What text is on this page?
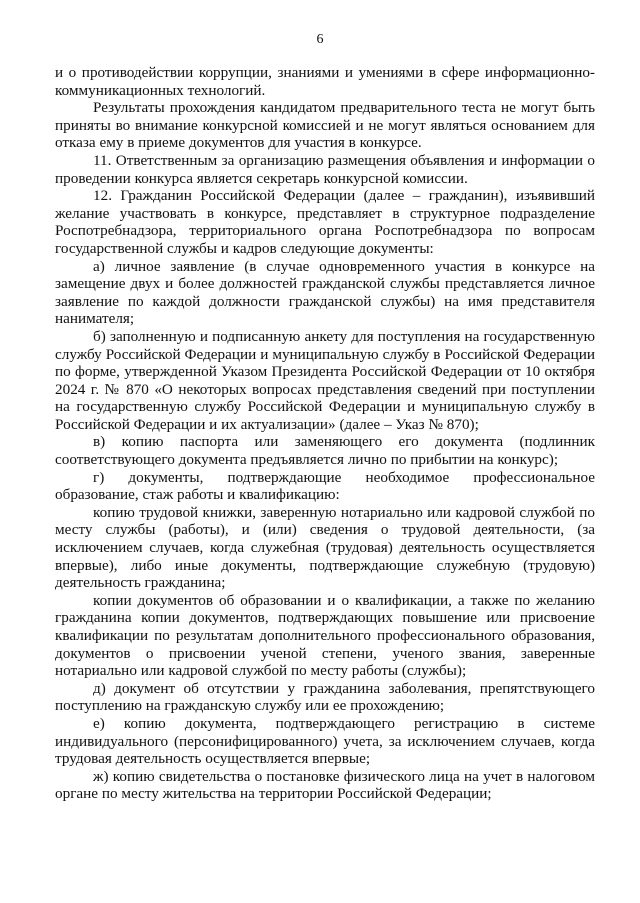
6

и о противодействии коррупции, знаниями и умениями в сфере информационно-коммуникационных технологий.

Результаты прохождения кандидатом предварительного теста не могут быть приняты во внимание конкурсной комиссией и не могут являться основанием для отказа ему в приеме документов для участия в конкурсе.

11. Ответственным за организацию размещения объявления и информации о проведении конкурса является секретарь конкурсной комиссии.

12. Гражданин Российской Федерации (далее – гражданин), изъявивший желание участвовать в конкурсе, представляет в структурное подразделение Роспотребнадзора, территориального органа Роспотребнадзора по вопросам государственной службы и кадров следующие документы:

а) личное заявление (в случае одновременного участия в конкурсе на замещение двух и более должностей гражданской службы представляется личное заявление по каждой должности гражданской службы) на имя представителя нанимателя;

б) заполненную и подписанную анкету для поступления на государственную службу Российской Федерации и муниципальную службу в Российской Федерации по форме, утвержденной Указом Президента Российской Федерации от 10 октября 2024 г. № 870 «О некоторых вопросах представления сведений при поступлении на государственную службу Российской Федерации и муниципальную службу в Российской Федерации и их актуализации» (далее – Указ № 870);

в) копию паспорта или заменяющего его документа (подлинник соответствующего документа предъявляется лично по прибытии на конкурс);

г) документы, подтверждающие необходимое профессиональное образование, стаж работы и квалификацию:

копию трудовой книжки, заверенную нотариально или кадровой службой по месту службы (работы), и (или) сведения о трудовой деятельности, (за исключением случаев, когда служебная (трудовая) деятельность осуществляется впервые), либо иные документы, подтверждающие служебную (трудовую) деятельность гражданина;

копии документов об образовании и о квалификации, а также по желанию гражданина копии документов, подтверждающих повышение или присвоение квалификации по результатам дополнительного профессионального образования, документов о присвоении ученой степени, ученого звания, заверенные нотариально или кадровой службой по месту работы (службы);

д) документ об отсутствии у гражданина заболевания, препятствующего поступлению на гражданскую службу или ее прохождению;

е) копию документа, подтверждающего регистрацию в системе индивидуального (персонифицированного) учета, за исключением случаев, когда трудовая деятельность осуществляется впервые;

ж) копию свидетельства о постановке физического лица на учет в налоговом органе по месту жительства на территории Российской Федерации;
